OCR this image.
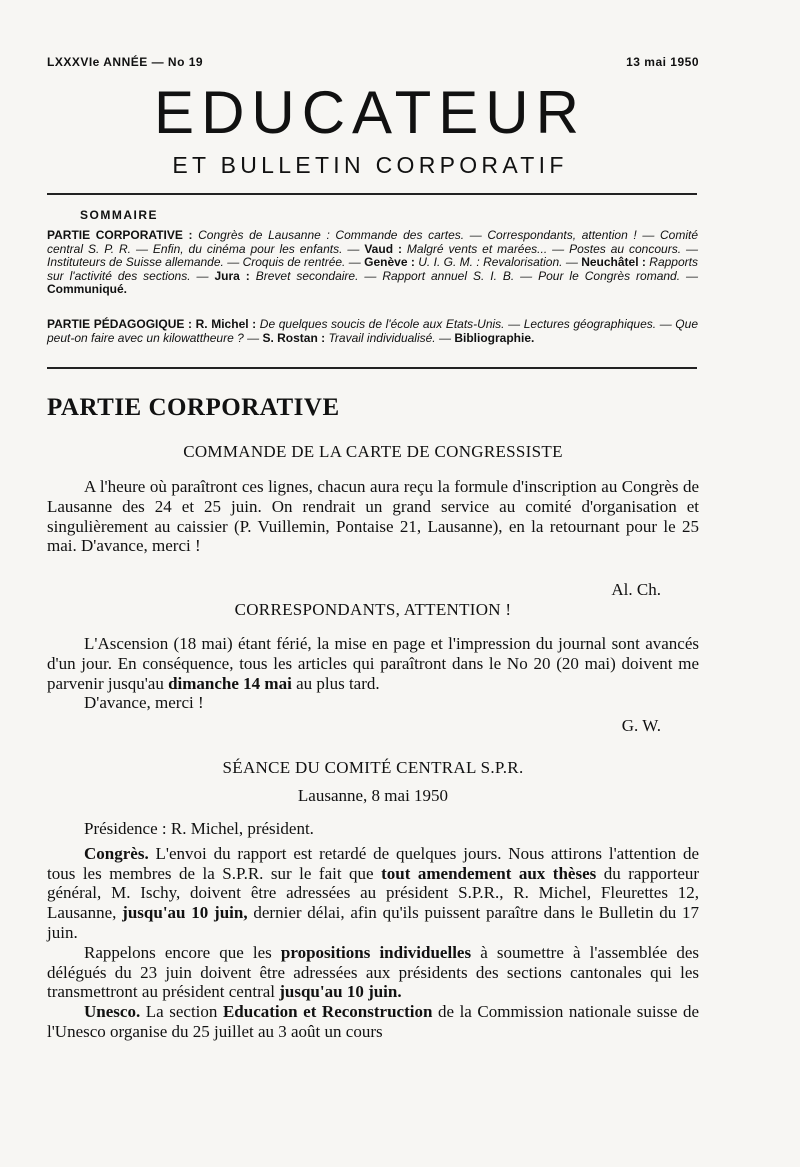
LXXXVIe ANNÉE — No 19	13 mai 1950
EDUCATEUR
ET BULLETIN CORPORATIF
SOMMAIRE
PARTIE CORPORATIVE : Congrès de Lausanne : Commande des cartes. — Correspondants, attention ! — Comité central S. P. R. — Enfin, du cinéma pour les enfants. — Vaud : Malgré vents et marées... — Postes au concours. — Instituteurs de Suisse allemande. — Croquis de rentrée. — Genève : U. I. G. M. : Revalorisation. — Neuchâtel : Rapports sur l'activité des sections. — Jura : Brevet secondaire. — Rapport annuel S. I. B. — Pour le Congrès romand. — Communiqué.
PARTIE PÉDAGOGIQUE : R. Michel : De quelques soucis de l'école aux Etats-Unis. — Lectures géographiques. — Que peut-on faire avec un kilowattheure ? — S. Rostan : Travail individualisé. — Bibliographie.
PARTIE CORPORATIVE
COMMANDE DE LA CARTE DE CONGRESSISTE

A l'heure où paraîtront ces lignes, chacun aura reçu la formule d'inscription au Congrès de Lausanne des 24 et 25 juin. On rendrait un grand service au comité d'organisation et singulièrement au caissier (P. Vuillemin, Pontaise 21, Lausanne), en la retournant pour le 25 mai. D'avance, merci !

Al. Ch.
CORRESPONDANTS, ATTENTION !

L'Ascension (18 mai) étant férié, la mise en page et l'impression du journal sont avancés d'un jour. En conséquence, tous les articles qui paraîtront dans le No 20 (20 mai) doivent me parvenir jusqu'au dimanche 14 mai au plus tard.

D'avance, merci !

G. W.
SÉANCE DU COMITÉ CENTRAL S.P.R.
Lausanne, 8 mai 1950

Présidence : R. Michel, président.

Congrès. L'envoi du rapport est retardé de quelques jours. Nous attirons l'attention de tous les membres de la S.P.R. sur le fait que tout amendement aux thèses du rapporteur général, M. Ischy, doivent être adressées au président S.P.R., R. Michel, Fleurettes 12, Lausanne, jusqu'au 10 juin, dernier délai, afin qu'ils puissent paraître dans le Bulletin du 17 juin.

Rappelons encore que les propositions individuelles à soumettre à l'assemblée des délégués du 23 juin doivent être adressées aux présidents des sections cantonales qui les transmettront au président central jusqu'au 10 juin.

Unesco. La section Education et Reconstruction de la Commission nationale suisse de l'Unesco organise du 25 juillet au 3 août un cours
